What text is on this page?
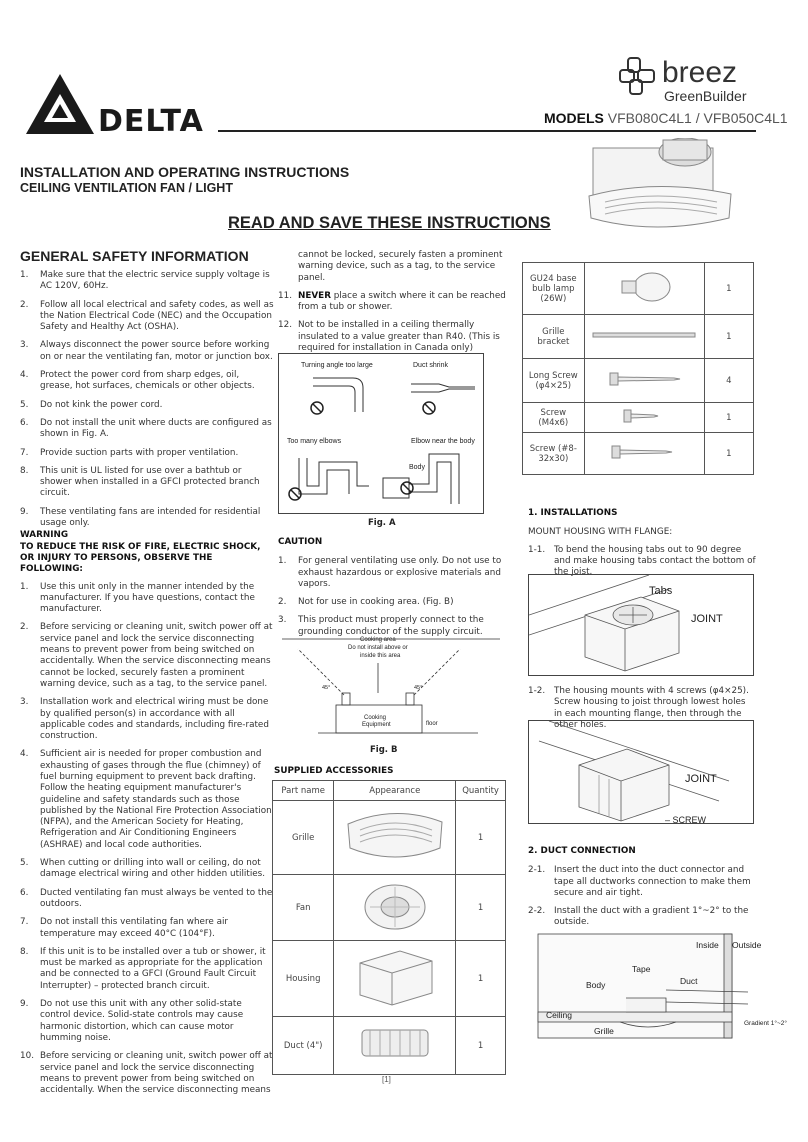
DELTA
breez
GreenBuilder
MODELS VFB080C4L1 / VFB050C4L1
INSTALLATION AND OPERATING INSTRUCTIONS
CEILING VENTILATION FAN / LIGHT
READ AND SAVE THESE INSTRUCTIONS
GENERAL SAFETY INFORMATION
1.	Make sure that the electric service supply voltage is AC 120V, 60Hz.
2.	Follow all local electrical and safety codes, as well as the Nation Electrical Code (NEC) and the Occupation Safety and Healthy Act (OSHA).
3.	Always disconnect the power source before working on or near the ventilating fan, motor or junction box.
4.	Protect the power cord from sharp edges, oil, grease, hot surfaces, chemicals or other objects.
5.	Do not kink the power cord.
6.	Do not install the unit where ducts are configured as shown in Fig. A.
7.	Provide suction parts with proper ventilation.
8.	This unit is UL listed for use over a bathtub or shower when installed in a GFCI protected branch circuit.
9.	These ventilating fans are intended for residential usage only.
WARNING
TO REDUCE THE RISK OF FIRE, ELECTRIC SHOCK, OR INJURY TO PERSONS, OBSERVE THE FOLLOWING:
1.	Use this unit only in the manner intended by the manufacturer. If you have questions, contact the manufacturer.
2.	Before servicing or cleaning unit, switch power off at service panel and lock the service disconnecting means to prevent power from being switched on accidentally. When the service disconnecting means cannot be locked, securely fasten a prominent warning device, such as a tag, to the service panel.
3.	Installation work and electrical wiring must be done by qualified person(s) in accordance with all applicable codes and standards, including fire-rated construction.
4.	Sufficient air is needed for proper combustion and exhausting of gases through the flue (chimney) of fuel burning equipment to prevent back drafting. Follow the heating equipment manufacturer's guideline and safety standards such as those published by the National Fire Protection Association (NFPA), and the American Society for Heating, Refrigeration and Air Conditioning Engineers (ASHRAE) and local code authorities.
5.	When cutting or drilling into wall or ceiling, do not damage electrical wiring and other hidden utilities.
6.	Ducted ventilating fan must always be vented to the outdoors.
7.	Do not install this ventilating fan where air temperature may exceed 40°C (104°F).
8.	If this unit is to be installed over a tub or shower, it must be marked as appropriate for the application and be connected to a GFCI (Ground Fault Circuit Interrupter) – protected branch circuit.
9.	Do not use this unit with any other solid-state control device. Solid-state controls may cause harmonic distortion, which can cause motor humming noise.
10. Before servicing or cleaning unit, switch power off at service panel and lock the service disconnecting means to prevent power from being switched on accidentally. When the service disconnecting means
cannot be locked, securely fasten a prominent warning device, such as a tag, to the service panel.
11. NEVER place a switch where it can be reached from a tub or shower.
12. Not to be installed in a ceiling thermally insulated to a value greater than R40. (This is required for installation in Canada only)
Turning angle too large	Duct shrink
Too many elbows	Elbow near the body
Body
Fig. A
CAUTION
1.	For general ventilating use only. Do not use to exhaust hazardous or explosive materials and vapors.
2.	Not for use in cooking area. (Fig. B)
3.	This product must properly connect to the grounding conductor of the supply circuit.
Cooking area
Do not install above or
inside this area
45°	45°
Cooking
Equipment	floor
Fig. B
SUPPLIED ACCESSORIES
Part name	Appearance	Quantity
Grille		1
Fan		1
Housing		1
Duct (4")		1
GU24 base bulb lamp (26W)		1
Grille bracket		1
Long Screw (φ4×25)		4
Screw (M4x6)		1
Screw (#8-32x30)		1
1. INSTALLATIONS
MOUNT HOUSING WITH FLANGE:
1-1.	To bend the housing tabs out to 90 degree and make housing tabs contact the bottom of the joist.
Tabs
JOINT
1-2.	The housing mounts with 4 screws (φ4×25). Screw housing to joist through lowest holes in each mounting flange, then through the other holes.
JOINT
– SCREW
2. DUCT CONNECTION
2-1.	Insert the duct into the duct connector and tape all ductworks connection to make them secure and air tight.
2-2.	Install the duct with a gradient 1°~2° to the outside.
Inside Outside
Tape
Body	Duct
Ceiling
Grille
Gradient 1°~2°
[1]
